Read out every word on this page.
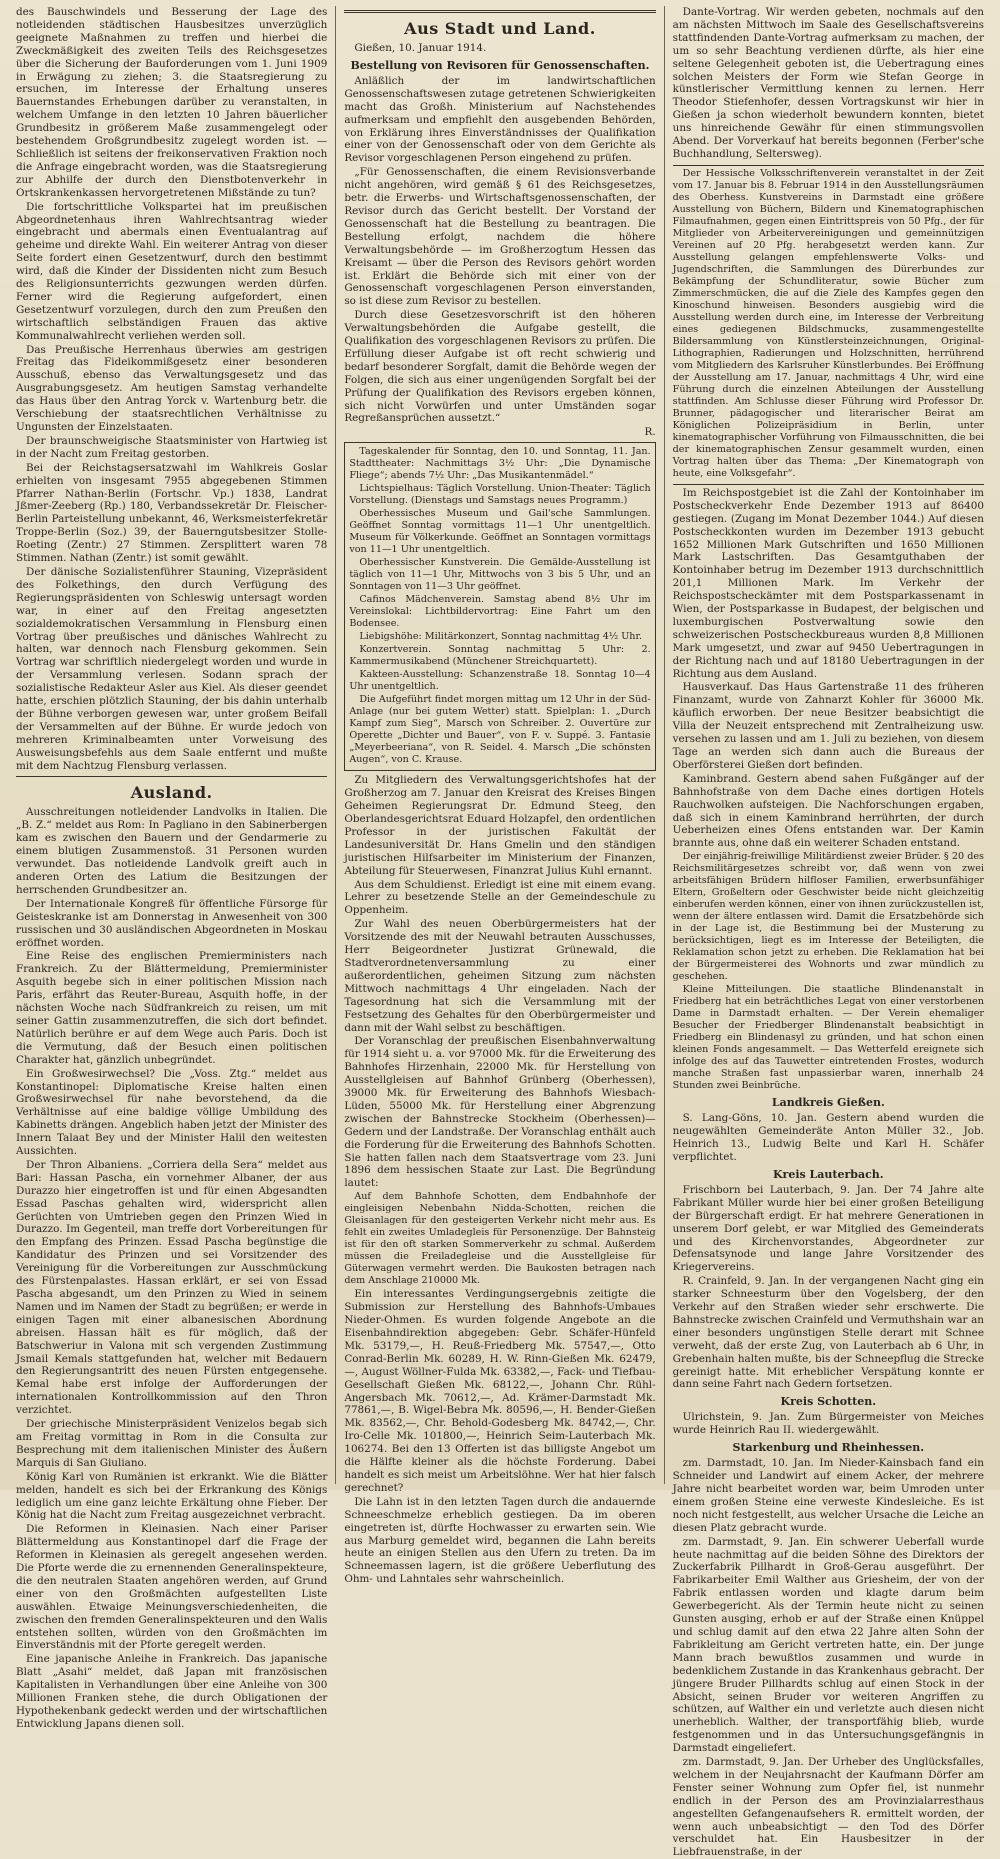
des Bauschwindels und Besserung der Lage des notleidenden städtischen Hausbesitzes unverzüglich geeignete Maßnahmen zu treffen und hierbei die Zweckmäßigkeit des zweiten Teils des Reichsgesetzes über die Sicherung der Bauforderungen vom 1. Juni 1909 in Erwägung zu ziehen; 3. die Staatsregierung zu ersuchen, im Interesse der Erhaltung unseres Bauernstandes Erhebungen darüber zu veranstalten, in welchem Umfange in den letzten 10 Jahren bäuerlicher Grundbesitz in größerem Maße zusammengelegt oder bestehendem Großgrundbesitz zugelegt worden ist. — Schließlich ist seitens der freikonservativen Fraktion noch die Anfrage eingebracht worden, was die Staatsregierung zur Abhilfe der durch den Dienstbotenverkehr in Ortskrankenkassen hervorgetretenen Mißstände zu tun?

Die fortschrittliche Volkspartei hat im preußischen Abgeordnetenhaus ihren Wahlrechtsantrag wieder eingebracht und abermals einen Eventualantrag auf geheime und direkte Wahl. Ein weiterer Antrag von dieser Seite fordert einen Gesetzentwurf, durch den bestimmt wird, daß die Kinder der Dissidenten nicht zum Besuch des Religionsunterrichts gezwungen werden dürfen. Ferner wird die Regierung aufgefordert, einen Gesetzentwurf vorzulegen, durch den zum Preußen den wirtschaftlich selbständigen Frauen das aktive Kommunalwahlrecht verliehen werden soll.

Das Preußische Herrenhaus überwies am gestrigen Freitag das Fideikommißgesetz einer besonderen Ausschuß, ebenso das Verwaltungsgesetz und das Ausgrabungsgesetz. Am heutigen Samstag verhandelte das Haus über den Antrag Yorck v. Wartenburg betr. die Verschiebung der staatsrechtlichen Verhältnisse zu Ungunsten der Einzelstaaten.

Der braunschweigische Staatsminister von Hartwieg ist in der Nacht zum Freitag gestorben.

Bei der Reichstagsersatzwahl im Wahlkreis Goslar erhielten von insgesamt 7955 abgegebenen Stimmen Pfarrer Nathan-Berlin (Fortschr. Vp.) 1838, Landrat Jßmer-Zeeberg (Rp.) 180, Verbandssekretär Dr. Fleischer-Berlin Parteistellung unbekannt, 46, Werksmeisterfekretär Troppe-Berlin (Soz.) 39, der Bauerngutsbesitzer Stolle-Roeting (Zentr.) 27 Stimmen. Zersplittert waren 78 Stimmen. Nathan (Zentr.) ist somit gewählt.

Der dänische Sozialistenführer Stauning, Vizepräsident des Folkethings, den durch Verfügung des Regierungspräsidenten von Schleswig untersagt worden war, in einer auf den Freitag angesetzten sozialdemokratischen Versammlung in Flensburg einen Vortrag über preußisches und dänisches Wahlrecht zu halten, war dennoch nach Flensburg gekommen. Sein Vortrag war schriftlich niedergelegt worden und wurde in der Versammlung verlesen. Sodann sprach der sozialistische Redakteur Asler aus Kiel. Als dieser geendet hatte, erschien plötzlich Stauning, der bis dahin unterhalb der Bühne verborgen gewesen war, unter großem Beifall der Versammelten auf der Bühne. Er wurde jedoch von mehreren Kriminalbeamten unter Vorweisung des Ausweisungsbefehls aus dem Saale entfernt und mußte mit dem Nachtzug Flensburg verlassen.

Ausland.

Ausschreitungen notleidender Landvolks in Italien. Die „B. Z.“ meldet aus Rom: In Pagliano in den Sabinerbergen kam es zwischen den Bauern und der Gendarmerie zu einem blutigen Zusammenstoß. 31 Personen wurden verwundet. Das notleidende Landvolk greift auch in anderen Orten des Latium die Besitzungen der herrschenden Grundbesitzer an.

Der Internationale Kongreß für öffentliche Fürsorge für Geisteskranke ist am Donnerstag in Anwesenheit von 300 russischen und 30 ausländischen Abgeordneten in Moskau eröffnet worden.

Eine Reise des englischen Premierministers nach Frankreich. Zu der Blättermeldung, Premierminister Asquith begebe sich in einer politischen Mission nach Paris, erfährt das Reuter-Bureau, Asquith hoffe, in der nächsten Woche nach Südfrankreich zu reisen, um mit seiner Gattin zusammenzutreffen, die sich dort befindet. Natürlich berühre er auf dem Wege auch Paris. Doch ist die Vermutung, daß der Besuch einen politischen Charakter hat, gänzlich unbegründet.

Ein Großwesirwechsel? Die „Voss. Ztg.“ meldet aus Konstantinopel: Diplomatische Kreise halten einen Großwesirwechsel für nahe bevorstehend, da die Verhältnisse auf eine baldige völlige Umbildung des Kabinetts drängen. Angeblich haben jetzt der Minister des Innern Talaat Bey und der Minister Halil den weitesten Aussichten.

Der Thron Albaniens. „Corriera della Sera“ meldet aus Bari: Hassan Pascha, ein vornehmer Albaner, der aus Durazzo hier eingetroffen ist und für einen Abgesandten Essad Paschas gehalten wird, widerspricht allen Gerüchten von Umtrieben gegen den Prinzen Wied in Durazzo. Im Gegenteil, man treffe dort Vorbereitungen für den Empfang des Prinzen. Essad Pascha begünstige die Kandidatur des Prinzen und sei Vorsitzender des Vereinigung für die Vorbereitungen zur Ausschmückung des Fürstenpalastes. Hassan erklärt, er sei von Essad Pascha abgesandt, um den Prinzen zu Wied in seinem Namen und im Namen der Stadt zu begrüßen; er werde in einigen Tagen mit einer albanesischen Abordnung abreisen. Hassan hält es für möglich, daß der Batschweriur in Valona mit sch vergenden Zustimmung Jsmail Kemals stattgefunden hat, welcher mit Bedauern den Regierungsantritt des neuen Fürsten entgegensehe. Kemal habe erst infolge der Aufforderungen der internationalen Kontrollkommission auf den Thron verzichtet.

Der griechische Ministerpräsident Venizelos begab sich am Freitag vormittag in Rom in die Consulta zur Besprechung mit dem italienischen Minister des Äußern Marquis di San Giuliano.

König Karl von Rumänien ist erkrankt. Wie die Blätter melden, handelt es sich bei der Erkrankung des Königs lediglich um eine ganz leichte Erkältung ohne Fieber. Der König hat die Nacht zum Freitag ausgezeichnet verbracht.

Die Reformen in Kleinasien. Nach einer Pariser Blättermeldung aus Konstantinopel darf die Frage der Reformen in Kleinasien als geregelt angesehen werden. Die Pforte werde die zu ernennenden Generalinspekteure, die den neutralen Staaten angehören werden, auf Grund einer von den Großmächten aufgestellten Liste auswählen. Etwaige Meinungsverschiedenheiten, die zwischen den fremden Generalinspekteuren und den Walis entstehen sollten, würden von den Großmächten im Einverständnis mit der Pforte geregelt werden.

Eine japanische Anleihe in Frankreich. Das japanische Blatt „Asahi“ meldet, daß Japan mit französischen Kapitalisten in Verhandlungen über eine Anleihe von 300 Millionen Franken stehe, die durch Obligationen der Hypothekenbank gedeckt werden und der wirtschaftlichen Entwicklung Japans dienen soll.

Aus Stadt und Land.

Gießen, 10. Januar 1914.

Bestellung von Revisoren für Genossenschaften.

Anläßlich der im landwirtschaftlichen Genossenschaftswesen zutage getretenen Schwierigkeiten macht das Großh. Ministerium auf Nachstehendes aufmerksam und empfiehlt den ausgebenden Behörden, von Erklärung ihres Einverständnisses der Qualifikation einer von der Genossenschaft oder von dem Gerichte als Revisor vorgeschlagenen Person eingehend zu prüfen.

„Für Genossenschaften, die einem Revisionsverbande nicht angehören, wird gemäß § 61 des Reichsgesetzes, betr. die Erwerbs- und Wirtschaftsgenossenschaften, der Revisor durch das Gericht bestellt. Der Vorstand der Genossenschaft hat die Bestellung zu beantragen. Die Bestellung erfolgt, nachdem die höhere Verwaltungsbehörde — im Großherzogtum Hessen das Kreisamt — über die Person des Revisors gehört worden ist. Erklärt die Behörde sich mit einer von der Genossenschaft vorgeschlagenen Person einverstanden, so ist diese zum Revisor zu bestellen.

Durch diese Gesetzesvorschrift ist den höheren Verwaltungsbehörden die Aufgabe gestellt, die Qualifikation des vorgeschlagenen Revisors zu prüfen. Die Erfüllung dieser Aufgabe ist oft recht schwierig und bedarf besonderer Sorgfalt, damit die Behörde wegen der Folgen, die sich aus einer ungenügenden Sorgfalt bei der Prüfung der Qualifikation des Revisors ergeben können, sich nicht Vorwürfen und unter Umständen sogar Regreßansprüchen aussetzt.“

R.

Tageskalender für Sonntag, den 10. und Sonntag, 11. Jan. Stadttheater: Nachmittags 3½ Uhr: „Die Dynamische Fliege“; abends 7½ Uhr: „Das Musikantenmädel.“

Lichtspielhaus: Täglich Vorstellung. Union-Theater: Täglich Vorstellung. (Dienstags und Samstags neues Programm.)

Oberhessisches Museum und Gail'sche Sammlungen. Geöffnet Sonntag vormittags 11—1 Uhr unentgeltlich. Museum für Völkerkunde. Geöffnet an Sonntagen vormittags von 11—1 Uhr unentgeltlich.

Oberhessischer Kunstverein. Die Gemälde-Ausstellung ist täglich von 11—1 Uhr, Mittwochs von 3 bis 5 Uhr, und an Sonntagen von 11—3 Uhr geöffnet.

Cafinos Mädchenverein. Samstag abend 8½ Uhr im Vereinslokal: Lichtbildervortrag: Eine Fahrt um den Bodensee.

Liebigshöhe: Militärkonzert, Sonntag nachmittag 4½ Uhr.

Konzertverein. Sonntag nachmittag 5 Uhr: 2. Kammermusikabend (Münchener Streichquartett).

Kakteen-Ausstellung: Schanzenstraße 18. Sonntag 10—4 Uhr unentgeltlich.

Die Aufgeführt findet morgen mittag um 12 Uhr in der Süd-Anlage (nur bei gutem Wetter) statt. Spielplan: 1. „Durch Kampf zum Sieg“, Marsch von Schreiber. 2. Ouvertüre zur Operette „Dichter und Bauer“, von F. v. Suppé. 3. Fantasie „Meyerbeeriana“, von R. Seidel. 4. Marsch „Die schönsten Augen“, von C. Krause.

Zu Mitgliedern des Verwaltungsgerichtshofes hat der Großherzog am 7. Januar den Kreisrat des Kreises Bingen Geheimen Regierungsrat Dr. Edmund Steeg, den Oberlandesgerichtsrat Eduard Holzapfel, den ordentlichen Professor in der juristischen Fakultät der Landesuniversität Dr. Hans Gmelin und den ständigen juristischen Hilfsarbeiter im Ministerium der Finanzen, Abteilung für Steuerwesen, Finanzrat Julius Kuhl ernannt.

Aus dem Schuldienst. Erledigt ist eine mit einem evang. Lehrer zu besetzende Stelle an der Gemeindeschule zu Oppenheim.

Zur Wahl des neuen Oberbürgermeisters hat der Vorsitzende des mit der Neuwahl betrauten Ausschusses, Herr Beigeordneter Justizrat Grünewald, die Stadtverordnetenversammlung zu einer außerordentlichen, geheimen Sitzung zum nächsten Mittwoch nachmittags 4 Uhr eingeladen. Nach der Tagesordnung hat sich die Versammlung mit der Festsetzung des Gehaltes für den Oberbürgermeister und dann mit der Wahl selbst zu beschäftigen.

Der Voranschlag der preußischen Eisenbahnverwaltung für 1914 sieht u. a. vor 97000 Mk. für die Erweiterung des Bahnhofes Hirzenhain, 22000 Mk. für Herstellung von Ausstellgleisen auf Bahnhof Grünberg (Oberhessen), 39000 Mk. für Erweiterung des Bahnhofs Wiesbach-Lüden, 55000 Mk. für Herstellung einer Abgrenzung zwischen der Bahnstrecke Stockheim (Oberhessen)—Gedern und der Landstraße. Der Voranschlag enthält auch die Forderung für die Erweiterung des Bahnhofs Schotten. Sie hatten fallen nach dem Staatsvertrage vom 23. Juni 1896 dem hessischen Staate zur Last. Die Begründung lautet:

Auf dem Bahnhofe Schotten, dem Endbahnhofe der eingleisigen Nebenbahn Nidda-Schotten, reichen die Gleisanlagen für den gesteigerten Verkehr nicht mehr aus. Es fehlt ein zweites Umladegleis für Personenzüge. Der Bahnsteig ist für den oft starken Sommerverkehr zu schmal. Außerdem müssen die Freiladegleise und die Ausstellgleise für Güterwagen vermehrt werden. Die Baukosten betragen nach dem Anschlage 210000 Mk.

Ein interessantes Verdingungsergebnis zeitigte die Submission zur Herstellung des Bahnhofs-Umbaues Nieder-Ohmen. Es wurden folgende Angebote an die Eisenbahndirektion abgegeben: Gebr. Schäfer-Hünfeld Mk. 53179,—, H. Reuß-Friedberg Mk. 57547,—, Otto Conrad-Berlin Mk. 60289, H. W. Rinn-Gießen Mk. 62479,—, August Wöllner-Fulda Mk. 63382,—, Fack- und Tiefbau-Gesellschaft Gießen Mk. 68122,—, Johann Chr. Rühl-Angersbach Mk. 70612,—, Ad. Krämer-Darmstadt Mk. 77861,—, B. Wigel-Bebra Mk. 80596,—, H. Bender-Gießen Mk. 83562,—, Chr. Behold-Godesberg Mk. 84742,—, Chr. Iro-Celle Mk. 101800,—, Heinrich Seim-Lauterbach Mk. 106274. Bei den 13 Offerten ist das billigste Angebot um die Hälfte kleiner als die höchste Forderung. Dabei handelt es sich meist um Arbeitslöhne. Wer hat hier falsch gerechnet?

Die Lahn ist in den letzten Tagen durch die andauernde Schneeschmelze erheblich gestiegen. Da im oberen eingetreten ist, dürfte Hochwasser zu erwarten sein. Wie aus Marburg gemeldet wird, begannen die Lahn bereits heute an einigen Stellen aus den Ufern zu treten. Da im Schneemassen lagern, ist die größere Ueberflutung des Ohm- und Lahntales sehr wahrscheinlich.

Dante-Vortrag. Wir werden gebeten, nochmals auf den am nächsten Mittwoch im Saale des Gesellschaftsvereins stattfindenden Dante-Vortrag aufmerksam zu machen, der um so sehr Beachtung verdienen dürfte, als hier eine seltene Gelegenheit geboten ist, die Uebertragung eines solchen Meisters der Form wie Stefan George in künstlerischer Vermittlung kennen zu lernen. Herr Theodor Stiefenhofer, dessen Vortragskunst wir hier in Gießen ja schon wiederholt bewundern konnten, bietet uns hinreichende Gewähr für einen stimmungsvollen Abend. Der Vorverkauf hat bereits begonnen (Ferber'sche Buchhandlung, Seltersweg).

Der Hessische Volksschriftenverein veranstaltet in der Zeit vom 17. Januar bis 8. Februar 1914 in den Ausstellungsräumen des Oberhess. Kunstvereins in Darmstadt eine größere Ausstellung von Büchern, Bildern und Kinematographischen Filmaufnahmen, gegen einen Eintrittspreis von 50 Pfg., der für Mitglieder von Arbeitervereinigungen und gemeinnützigen Vereinen auf 20 Pfg. herabgesetzt werden kann. Zur Ausstellung gelangen empfehlenswerte Volks- und Jugendschriften, die Sammlungen des Dürerbundes zur Bekämpfung der Schundliteratur, sowie Bücher zum Zimmerschmücken, die auf die Ziele des Kampfes gegen den Kinoschund hinweisen. Besonders ausgiebig wird die Ausstellung werden durch eine, im Interesse der Verbreitung eines gediegenen Bildschmucks, zusammengestellte Bildersammlung von Künstlersteinzeichnungen, Original-Lithographien, Radierungen und Holzschnitten, herrührend vom Mitgliedern des Karlsruher Künstlerbundes. Bei Eröffnung der Ausstellung am 17. Januar, nachmittags 4 Uhr, wird eine Führung durch die einzelnen Abteilungen der Ausstellung stattfinden. Am Schlusse dieser Führung wird Professor Dr. Brunner, pädagogischer und literarischer Beirat am Königlichen Polizeipräsidium in Berlin, unter kinematographischer Vorführung von Filmausschnitten, die bei der kinematographischen Zensur gesammelt wurden, einen Vortrag halten über das Thema: „Der Kinematograph von heute, eine Volksgefahr“.

Im Reichspostgebiet ist die Zahl der Kontoinhaber im Postscheckverkehr Ende Dezember 1913 auf 86400 gestiegen. (Zugang im Monat Dezember 1044.) Auf diesen Postscheckkonten wurden im Dezember 1913 gebucht 1652 Millionen Mark Gutschriften und 1650 Millionen Mark Lastschriften. Das Gesamtguthaben der Kontoinhaber betrug im Dezember 1913 durchschnittlich 201,1 Millionen Mark. Im Verkehr der Reichspostscheckämter mit dem Postsparkassenamt in Wien, der Postsparkasse in Budapest, der belgischen und luxemburgischen Postverwaltung sowie den schweizerischen Postscheckbureaus wurden 8,8 Millionen Mark umgesetzt, und zwar auf 9450 Uebertragungen in der Richtung nach und auf 18180 Uebertragungen in der Richtung aus dem Ausland.

Hausverkauf. Das Haus Gartenstraße 11 des früheren Finanzamt, wurde von Zahnarzt Kohler für 36000 Mk. käuflich erworben. Der neue Besitzer beabsichtigt die Villa der Neuzeit entsprechend mit Zentralheizung usw. versehen zu lassen und am 1. Juli zu beziehen, von diesem Tage an werden sich dann auch die Bureaus der Oberförsterei Gießen dort befinden.

Kaminbrand. Gestern abend sahen Fußgänger auf der Bahnhofstraße von dem Dache eines dortigen Hotels Rauchwolken aufsteigen. Die Nachforschungen ergaben, daß sich in einem Kaminbrand herrührten, der durch Ueberheizen eines Ofens entstanden war. Der Kamin brannte aus, ohne daß ein weiterer Schaden entstand.

Der einjährig-freiwillige Militärdienst zweier Brüder. § 20 des Reichsmilitärgesetzes schreibt vor, daß wenn von zwei arbeitsfähigen Brüdern hilfloser Familien, erwerbsunfähiger Eltern, Großeltern oder Geschwister beide nicht gleichzeitig einberufen werden können, einer von ihnen zurückzustellen ist, wenn der ältere entlassen wird. Damit die Ersatzbehörde sich in der Lage ist, die Bestimmung bei der Musterung zu berücksichtigen, liegt es im Interesse der Beteiligten, die Reklamation schon jetzt zu erheben. Die Reklamation hat bei der Bürgermeisterei des Wohnorts und zwar mündlich zu geschehen.

Kleine Mitteilungen. Die staatliche Blindenanstalt in Friedberg hat ein beträchtliches Legat von einer verstorbenen Dame in Darmstadt erhalten. — Der Verein ehemaliger Besucher der Friedberger Blindenanstalt beabsichtigt in Friedberg ein Blindenasyl zu gründen, und hat schon einen kleinen Fonds angesammelt. — Das Wetterfeld ereignete sich infolge des auf das Tauwetter eintretenden Frostes, wodurch manche Straßen fast unpassierbar waren, innerhalb 24 Stunden zwei Beinbrüche.

Landkreis Gießen.

S. Lang-Göns, 10. Jan. Gestern abend wurden die neugewählten Gemeinderäte Anton Müller 32., Job. Heinrich 13., Ludwig Belte und Karl H. Schäfer verpflichtet.

Kreis Lauterbach.

Frischborn bei Lauterbach, 9. Jan. Der 74 Jahre alte Fabrikant Müller wurde hier bei einer großen Beteiligung der Bürgerschaft erdigt. Er hat mehrere Generationen in unserem Dorf gelebt, er war Mitglied des Gemeinderats und des Kirchenvorstandes, Abgeordneter zur Defensatsynode und lange Jahre Vorsitzender des Kriegervereins.

R. Crainfeld, 9. Jan. In der vergangenen Nacht ging ein starker Schneesturm über den Vogelsberg, der den Verkehr auf den Straßen wieder sehr erschwerte. Die Bahnstrecke zwischen Crainfeld und Vermuthshain war an einer besonders ungünstigen Stelle derart mit Schnee verweht, daß der erste Zug, von Lauterbach ab 6 Uhr, in Grebenhain halten mußte, bis der Schneepflug die Strecke gereinigt hatte. Mit erheblicher Verspätung konnte er dann seine Fahrt nach Gedern fortsetzen.

Kreis Schotten.

Ulrichstein, 9. Jan. Zum Bürgermeister von Meiches wurde Heinrich Rau II. wiedergewählt.

Starkenburg und Rheinhessen.

zm. Darmstadt, 10. Jan. Im Nieder-Kainsbach fand ein Schneider und Landwirt auf einem Acker, der mehrere Jahre nicht bearbeitet worden war, beim Umroden unter einem großen Steine eine verweste Kindesleiche. Es ist noch nicht festgestellt, aus welcher Ursache die Leiche an diesen Platz gebracht wurde.

zm. Darmstadt, 9. Jan. Ein schwerer Ueberfall wurde heute nachmittag auf die beiden Söhne des Direktors der Zuckerfabrik Pillhardt in Groß-Gerau ausgeführt. Der Fabrikarbeiter Emil Walther aus Griesheim, der von der Fabrik entlassen worden und klagte darum beim Gewerbegericht. Als der Termin heute nicht zu seinen Gunsten ausging, erhob er auf der Straße einen Knüppel und schlug damit auf den etwa 22 Jahre alten Sohn der Fabrikleitung am Gericht vertreten hatte, ein. Der junge Mann brach bewußtlos zusammen und wurde in bedenklichem Zustande in das Krankenhaus gebracht. Der jüngere Bruder Pillhardts schlug auf einen Stock in der Absicht, seinen Bruder vor weiteren Angriffen zu schützen, auf Walther ein und verletzte auch diesen nicht unerheblich. Walther, der transportfähig blieb, wurde festgenommen und in das Untersuchungsgefängnis in Darmstadt eingeliefert.

zm. Darmstadt, 9. Jan. Der Urheber des Unglücksfalles, welchem in der Neujahrsnacht der Kaufmann Dörfer am Fenster seiner Wohnung zum Opfer fiel, ist nunmehr endlich in der Person des am Provinzialarresthaus angestellten Gefangenaufsehers R. ermittelt worden, der wenn auch unbeabsichtigt — den Tod des Dörfer verschuldet hat. Ein Hausbesitzer in der Liebfrauenstraße, in der
